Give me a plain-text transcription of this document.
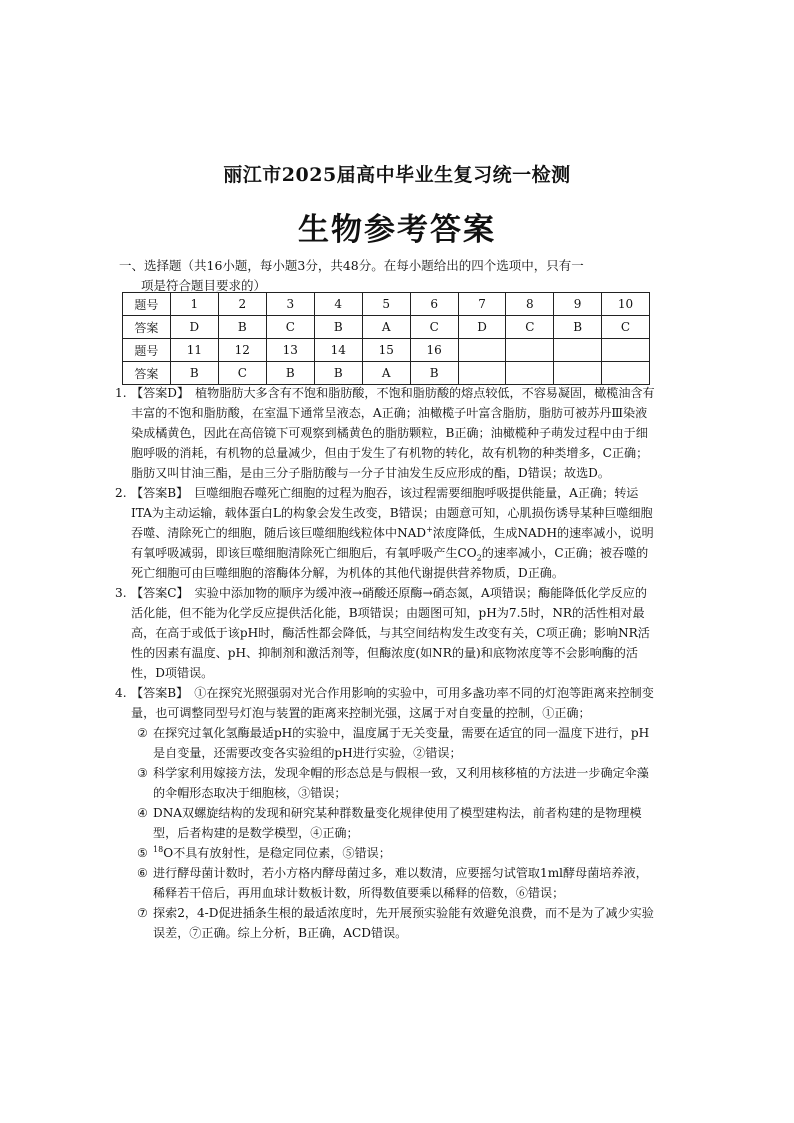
丽江市2025届高中毕业生复习统一检测
生物参考答案
一、选择题（共16小题，每小题3分，共48分。在每小题给出的四个选项中，只有一
项是符合题目要求的）
题号	1	2	3	4	5	6	7	8	9	10
答案	D	B	C	B	A	C	D	C	B	C
题号	11	12	13	14	15	16				
答案	B	C	B	B	A	B				
1. 【答案D】 植物脂肪大多含有不饱和脂肪酸，不饱和脂肪酸的熔点较低，不容易凝固，橄榄油含有丰富的不饱和脂肪酸，在室温下通常呈液态，A正确；油橄榄子叶富含脂肪，脂肪可被苏丹Ⅲ染液染成橘黄色，因此在高倍镜下可观察到橘黄色的脂肪颗粒，B正确；油橄榄种子萌发过程中由于细胞呼吸的消耗，有机物的总量减少，但由于发生了有机物的转化，故有机物的种类增多，C正确；脂肪又叫甘油三酯，是由三分子脂肪酸与一分子甘油发生反应形成的酯，D错误；故选D。
2. 【答案B】 巨噬细胞吞噬死亡细胞的过程为胞吞，该过程需要细胞呼吸提供能量，A正确；转运ITA为主动运输，载体蛋白L的构象会发生改变，B错误；由题意可知，心肌损伤诱导某种巨噬细胞吞噬、清除死亡的细胞，随后该巨噬细胞线粒体中NAD+浓度降低，生成NADH的速率减小，说明有氧呼吸减弱，即该巨噬细胞清除死亡细胞后，有氧呼吸产生$CO_2$的速率减小，C正确；被吞噬的死亡细胞可由巨噬细胞的溶酶体分解，为机体的其他代谢提供营养物质，D正确。
3. 【答案C】 实验中添加物的顺序为缓冲液→硝酸还原酶→硝态氮，A项错误；酶能降低化学反应的活化能，但不能为化学反应提供活化能，B项错误；由题图可知，pH为7.5时，NR的活性相对最高，在高于或低于该pH时，酶活性都会降低，与其空间结构发生改变有关，C项正确；影响NR活性的因素有温度、pH、抑制剂和激活剂等，但酶浓度(如NR的量)和底物浓度等不会影响酶的活性，D项错误。
4. 【答案B】 ①在探究光照强弱对光合作用影响的实验中，可用多盏功率不同的灯泡等距离来控制变量，也可调整同型号灯泡与装置的距离来控制光强，这属于对自变量的控制，①正确；
② 在探究过氧化氢酶最适pH的实验中，温度属于无关变量，需要在适宜的同一温度下进行，pH是自变量，还需要改变各实验组的pH进行实验，②错误；
③ 科学家利用嫁接方法，发现伞帽的形态总是与假根一致，又利用核移植的方法进一步确定伞藻的伞帽形态取决于细胞核，③错误；
④ DNA双螺旋结构的发现和研究某种群数量变化规律使用了模型建构法，前者构建的是物理模型，后者构建的是数学模型，④正确；
⑤ $^{18}$O不具有放射性，是稳定同位素，⑤错误；
⑥ 进行酵母菌计数时，若小方格内酵母菌过多，难以数清，应要摇匀试管取1ml酵母菌培养液，稀释若干倍后，再用血球计数板计数，所得数值要乘以稀释的倍数，⑥错误；
⑦ 探索2，4-D促进插条生根的最适浓度时，先开展预实验能有效避免浪费，而不是为了减少实验误差，⑦正确。综上分析，B正确，ACD错误。
